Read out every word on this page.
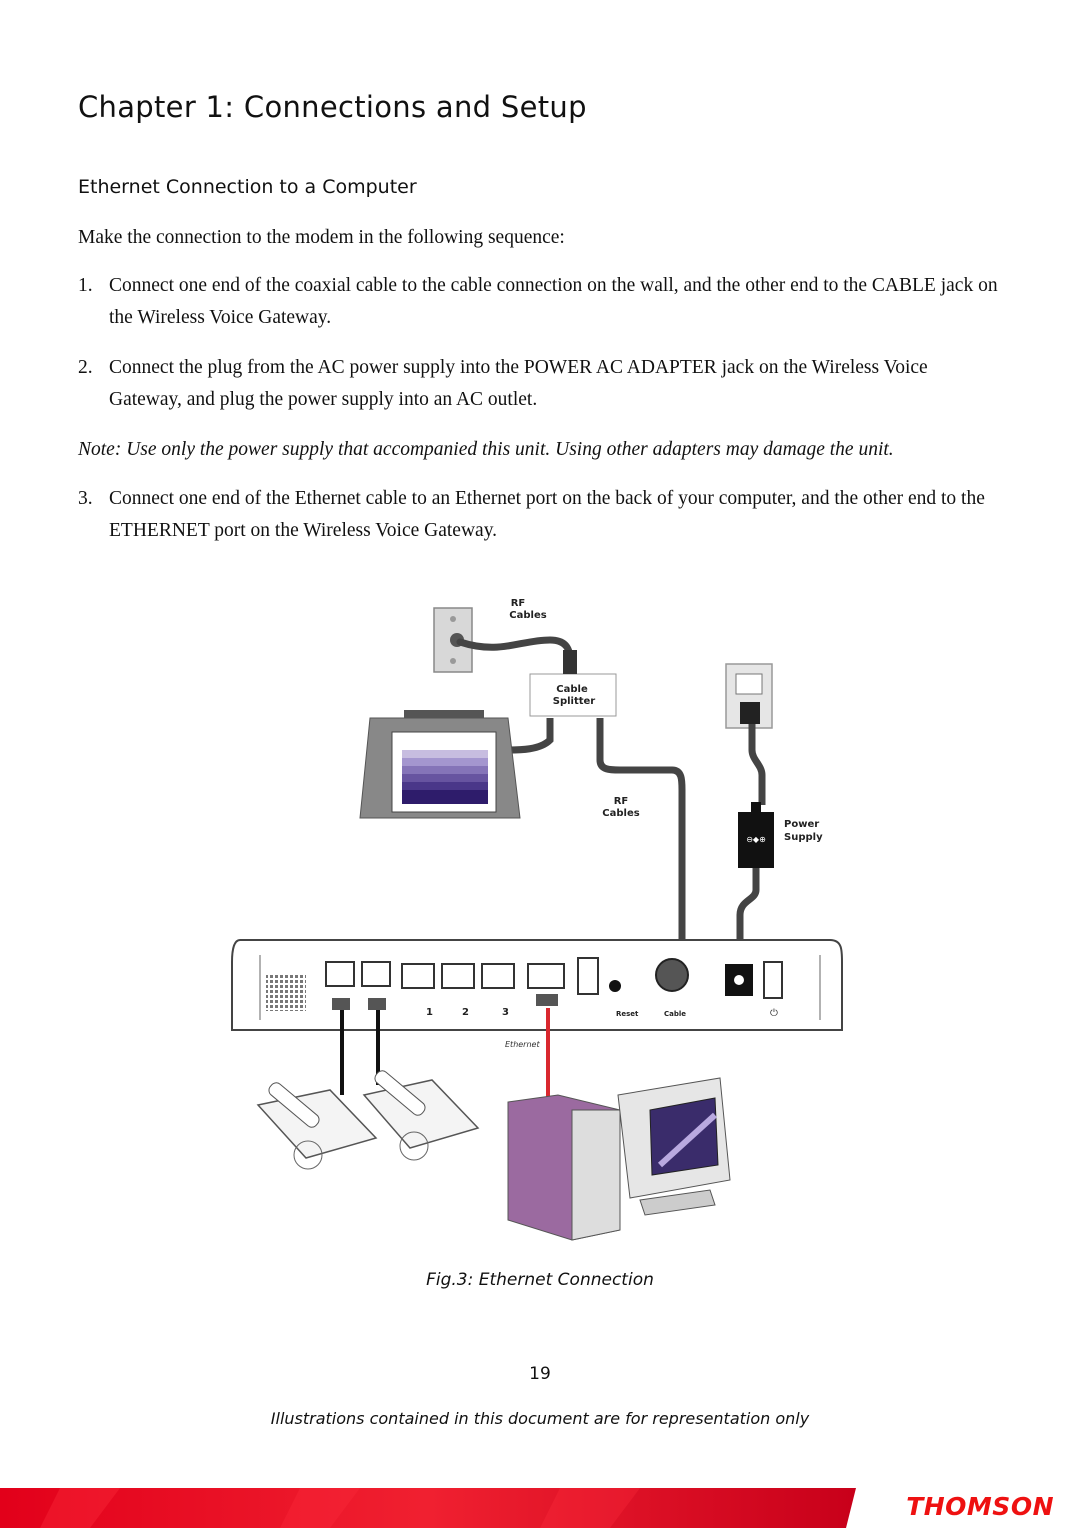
Chapter 1: Connections and Setup
Ethernet Connection to a Computer
Make the connection to the modem in the following sequence:
1. Connect one end of the coaxial cable to the cable connection on the wall, and the other end to the CABLE jack on the Wireless Voice Gateway.
2. Connect the plug from the AC power supply into the POWER AC ADAPTER jack on the Wireless Voice Gateway, and plug the power supply into an AC outlet.
Note: Use only the power supply that accompanied this unit. Using other adapters may damage the unit.
3. Connect one end of the Ethernet cable to an Ethernet port on the back of your computer, and the other end to the ETHERNET port on the Wireless Voice Gateway.
RF
Cables
Cable
Splitter
RF
Cables
⊖◆⊕
Power
Supply
1	2	3	Reset	Cable	⏻
Ethernet
Fig.3: Ethernet Connection
19
Illustrations contained in this document are for representation only
THOMSON
